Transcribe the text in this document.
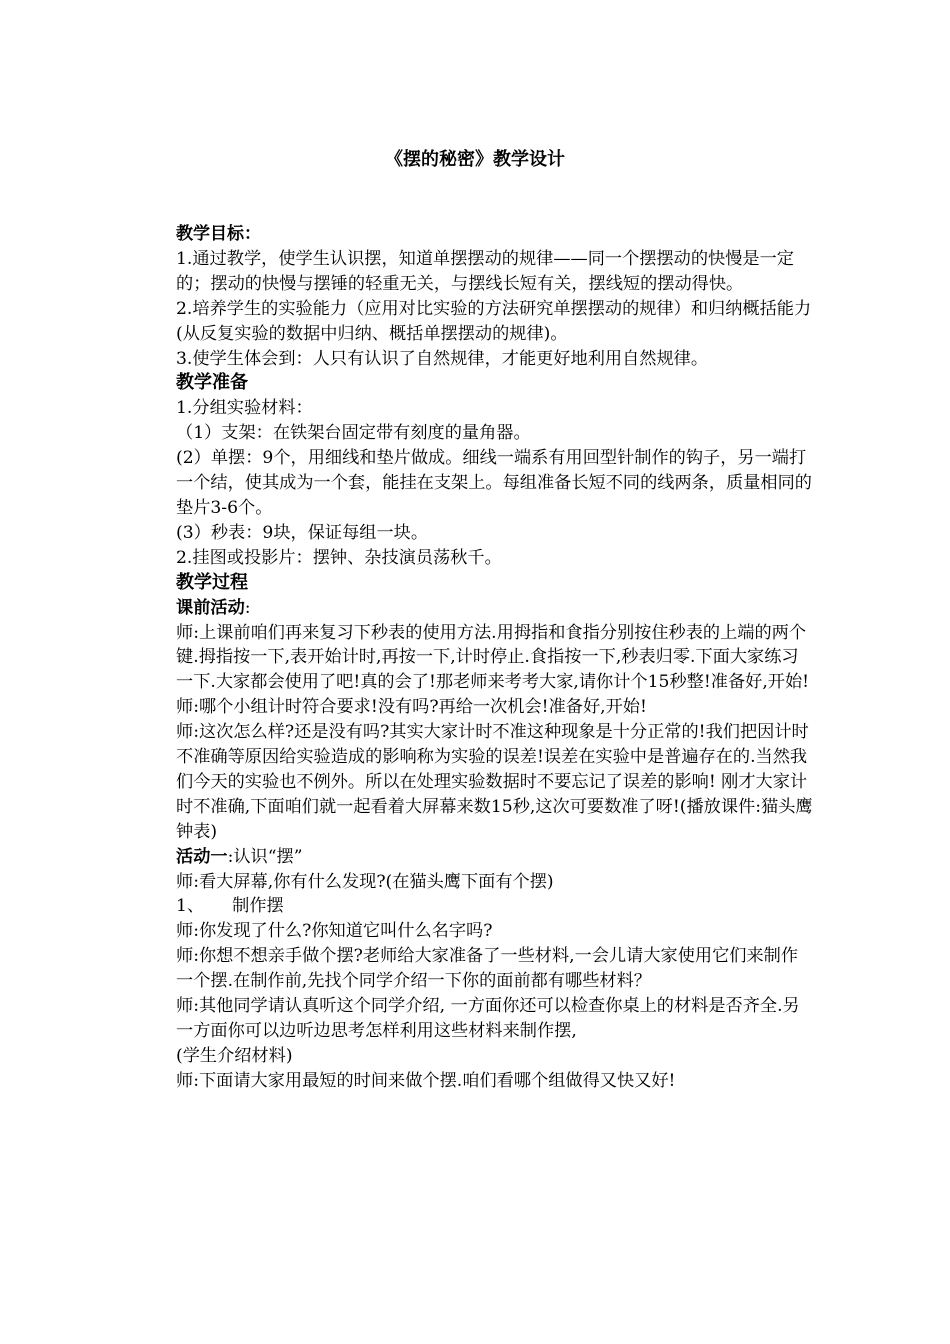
《摆的秘密》教学设计

教学目标：

1.通过教学，使学生认识摆，知道单摆摆动的规律——同一个摆摆动的快慢是一定的；摆动的快慢与摆锤的轻重无关，与摆线长短有关，摆线短的摆动得快。

2.培养学生的实验能力（应用对比实验的方法研究单摆摆动的规律）和归纳概括能力(从反复实验的数据中归纳、概括单摆摆动的规律)。

3.使学生体会到：人只有认识了自然规律，才能更好地利用自然规律。

教学准备

1.分组实验材料：

（1）支架：在铁架台固定带有刻度的量角器。

(2）单摆：9个，用细线和垫片做成。细线一端系有用回型针制作的钩子，另一端打一个结，使其成为一个套，能挂在支架上。每组准备长短不同的线两条，质量相同的垫片3-6个。

(3）秒表：9块，保证每组一块。

2.挂图或投影片：摆钟、杂技演员荡秋千。

教学过程

课前活动:

师:上课前咱们再来复习下秒表的使用方法.用拇指和食指分别按住秒表的上端的两个键.拇指按一下,表开始计时,再按一下,计时停止.食指按一下,秒表归零.下面大家练习一下.大家都会使用了吧!真的会了!那老师来考考大家,请你计个15秒整!准备好,开始!

师:哪个小组计时符合要求!没有吗?再给一次机会!准备好,开始!

师:这次怎么样?还是没有吗?其实大家计时不准这种现象是十分正常的!我们把因计时不准确等原因给实验造成的影响称为实验的误差!误差在实验中是普遍存在的.当然我们今天的实验也不例外。所以在处理实验数据时不要忘记了误差的影响! 刚才大家计时不准确,下面咱们就一起看着大屏幕来数15秒,这次可要数准了呀!(播放课件:猫头鹰钟表)

活动一:认识“摆”

师:看大屏幕,你有什么发现?(在猫头鹰下面有个摆)

1、 制作摆

师:你发现了什么?你知道它叫什么名字吗?

师:你想不想亲手做个摆?老师给大家准备了一些材料,一会儿请大家使用它们来制作一个摆.在制作前,先找个同学介绍一下你的面前都有哪些材料？

师:其他同学请认真听这个同学介绍, 一方面你还可以检查你桌上的材料是否齐全.另一方面你可以边听边思考怎样利用这些材料来制作摆,

(学生介绍材料)

师:下面请大家用最短的时间来做个摆.咱们看哪个组做得又快又好!
